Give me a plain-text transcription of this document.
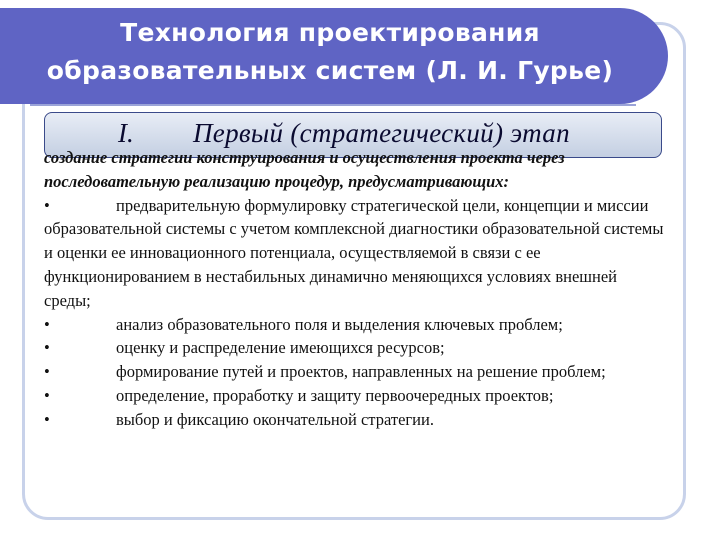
Технология проектирования
образовательных систем (Л. И. Гурье)
I. Первый (стратегический) этап
создание стратегии конструирования и осуществления проекта через последовательную реализацию процедур, предусматривающих:
•	предварительную формулировку стратегической цели, концепции и миссии образовательной системы с учетом комплексной диагностики образовательной системы и оценки ее инновационного потенциала, осуществляемой в связи с ее функционированием в нестабильных динамично меняющихся условиях внешней среды;
•	анализ образовательного поля и выделения ключевых проблем;
•	оценку и распределение имеющихся ресурсов;
•	формирование путей и проектов, направленных на решение проблем;
•	определение, проработку и защиту первоочередных проектов;
•	выбор и фиксацию окончательной стратегии.
